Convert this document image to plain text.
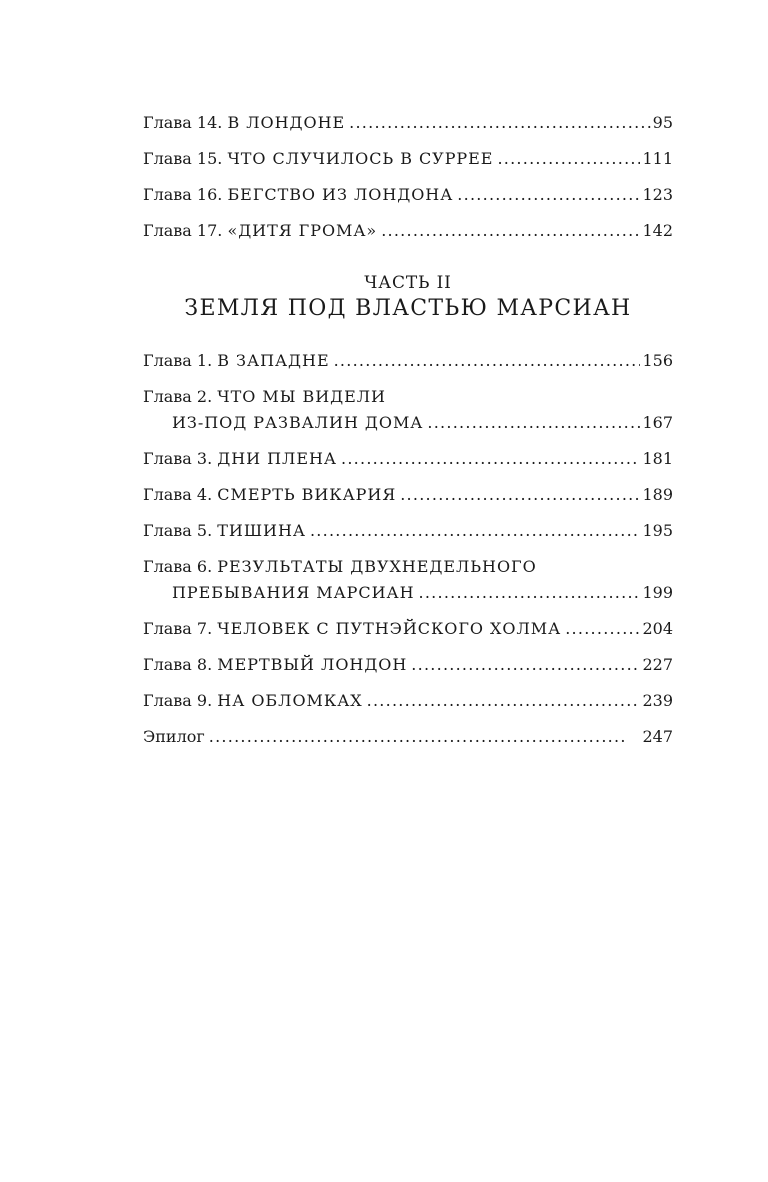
Глава 14. В ЛОНДОНЕ . . .	95
Глава 15. ЧТО СЛУЧИЛОСЬ В СУРРЕЕ . . .	111
Глава 16. БЕГСТВО ИЗ ЛОНДОНА . . .	123
Глава 17. «ДИТЯ ГРОМА» . . .	142
ЧАСТЬ II
ЗЕМЛЯ ПОД ВЛАСТЬЮ МАРСИАН
Глава 1. В ЗАПАДНЕ . . .	156
Глава 2. ЧТО МЫ ВИДЕЛИ
ИЗ-ПОД РАЗВАЛИН ДОМА . . .	167
Глава 3. ДНИ ПЛЕНА . . .	181
Глава 4. СМЕРТЬ ВИКАРИЯ . . .	189
Глава 5. ТИШИНА . . .	195
Глава 6. РЕЗУЛЬТАТЫ ДВУХНЕДЕЛЬНОГО
ПРЕБЫВАНИЯ МАРСИАН . . .	199
Глава 7. ЧЕЛОВЕК С ПУТНЭЙСКОГО ХОЛМА . . .	204
Глава 8. МЕРТВЫЙ ЛОНДОН . . .	227
Глава 9. НА ОБЛОМКАХ . . .	239
Эпилог . . .	247
